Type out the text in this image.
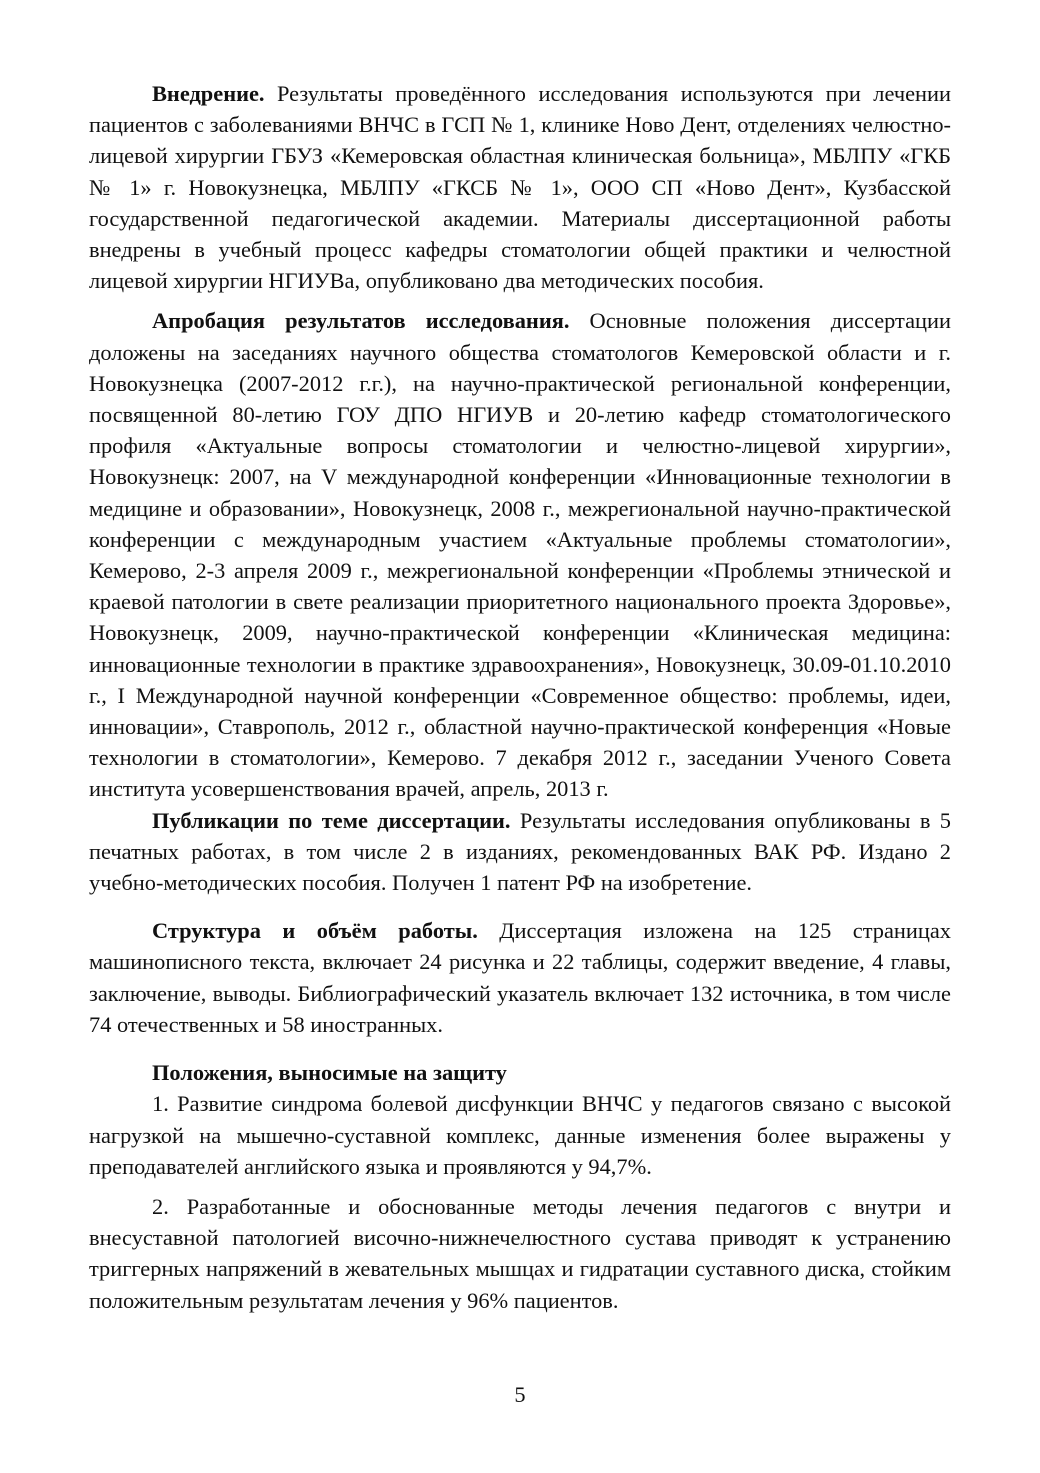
Внедрение. Результаты проведённого исследования используются при лечении пациентов с заболеваниями ВНЧС в ГСП № 1, клинике Ново Дент, отделениях челюстно-лицевой хирургии ГБУЗ «Кемеровская областная клиническая больница», МБЛПУ «ГКБ № 1» г. Новокузнецка, МБЛПУ «ГКСБ № 1», ООО СП «Ново Дент», Кузбасской государственной педагогической академии. Материалы диссертационной работы внедрены в учебный процесс кафедры стоматологии общей практики и челюстной лицевой хирургии НГИУВа, опубликовано два методических пособия.

Апробация результатов исследования. Основные положения диссертации доложены на заседаниях научного общества стоматологов Кемеровской области и г. Новокузнецка (2007-2012 г.г.), на научно-практической региональной конференции, посвященной 80-летию ГОУ ДПО НГИУВ и 20-летию кафедр стоматологического профиля «Актуальные вопросы стоматологии и челюстно-лицевой хирургии», Новокузнецк: 2007, на V международной конференции «Инновационные технологии в медицине и образовании», Новокузнецк, 2008 г., межрегиональной научно-практической конференции с международным участием «Актуальные проблемы стоматологии», Кемерово, 2-3 апреля 2009 г., межрегиональной конференции «Проблемы этнической и краевой патологии в свете реализации приоритетного национального проекта Здоровье», Новокузнецк, 2009, научно-практической конференции «Клиническая медицина: инновационные технологии в практике здравоохранения», Новокузнецк, 30.09-01.10.2010 г., I Международной научной конференции «Современное общество: проблемы, идеи, инновации», Ставрополь, 2012 г., областной научно-практической конференция «Новые технологии в стоматологии», Кемерово. 7 декабря 2012 г., заседании Ученого Совета института усовершенствования врачей, апрель, 2013 г.

Публикации по теме диссертации. Результаты исследования опубликованы в 5 печатных работах, в том числе 2 в изданиях, рекомендованных ВАК РФ. Издано 2 учебно-методических пособия. Получен 1 патент РФ на изобретение.

Структура и объём работы. Диссертация изложена на 125 страницах машинописного текста, включает 24 рисунка и 22 таблицы, содержит введение, 4 главы, заключение, выводы. Библиографический указатель включает 132 источника, в том числе 74 отечественных и 58 иностранных.

Положения, выносимые на защиту

1. Развитие синдрома болевой дисфункции ВНЧС у педагогов связано с высокой нагрузкой на мышечно-суставной комплекс, данные изменения более выражены у преподавателей английского языка и проявляются у 94,7%.

2. Разработанные и обоснованные методы лечения педагогов с внутри и внесуставной патологией височно-нижнечелюстного сустава приводят к устранению триггерных напряжений в жевательных мышцах и гидратации суставного диска, стойким положительным результатам лечения у 96% пациентов.

5
